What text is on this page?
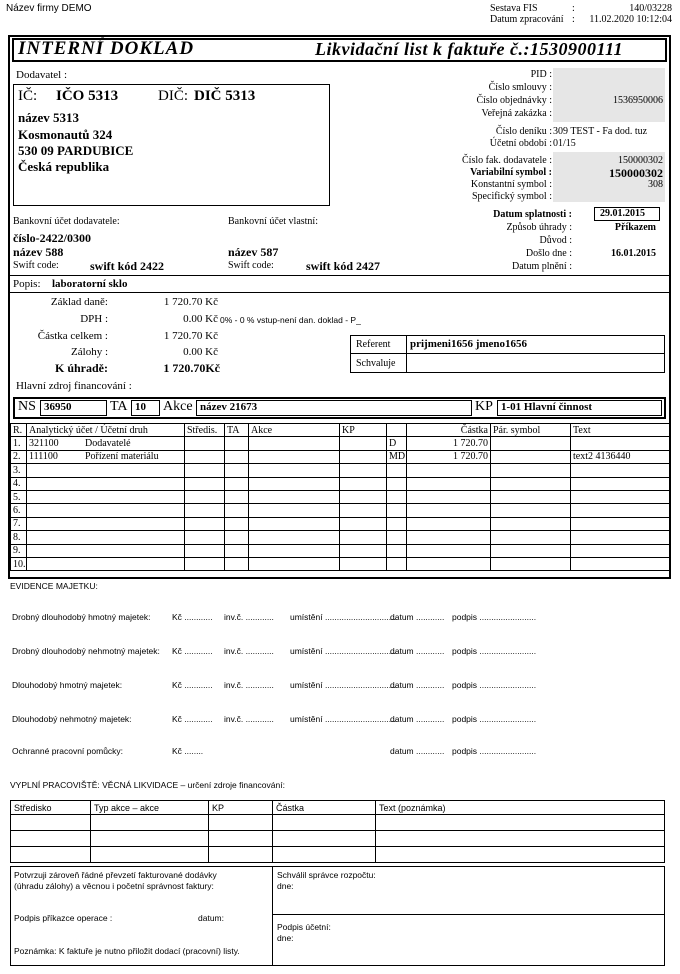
Název firmy DEMO	Sestava FIS	:	140/03228
Datum zpracování : 11.02.2020 10:12:04
INTERNÍ DOKLAD	Likvidační list k faktuře č.:1530900111
Dodavatel :
IČ: IČO 5313	DIČ: DIČ 5313
název 5313
Kosmonautů 324
530 09 PARDUBICE
Česká republika
PID :
Číslo smlouvy :
Číslo objednávky :	1536950006
Veřejná zakázka :
Číslo deníku : 309 TEST - Fa dod. tuz
Účetní období : 01/15
Číslo fak. dodavatele :	150000302
Variabilní symbol :	150000302
Konstantní symbol :	308
Specifický symbol :
Datum splatnosti :	29.01.2015
Způsob úhrady :	Příkazem
Důvod :
Došlo dne :	16.01.2015
Datum plnění :
Bankovní účet dodavatele:
číslo-2422/0300
název 588
Swift code:	swift kód 2422
Bankovní účet vlastní:
název 587
Swift code:	swift kód 2427
Popis: laboratorní sklo
Základ daně:	1 720.70 Kč
DPH :	0.00 Kč 0% - 0 % vstup-není dan. doklad - P_
Částka celkem :	1 720.70 Kč
Zálohy :	0.00 Kč
K úhradě:	1 720.70Kč
Referent prijmeni1656 jmeno1656
Schvaluje
Hlavní zdroj financování :
NS 36950	TA 10 Akce název 21673	KP 1-01 Hlavní činnost
R.	Analytický účet / Účetní druh	Středis.	TA	Akce	KP		Částka	Pár. symbol	Text
1.	321100 Dodavatelé					D	1 720.70		
2.	111100 Pořízení materiálu					MD	1 720.70		text2 4136440
3.									
4.									
5.									
6.									
7.									
8.									
9.									
10.									
EVIDENCE MAJETKU:
Drobný dlouhodobý hmotný majetek:	Kč ............ inv.č. ............ umístění ...............................
datum ............ podpis ........................
Drobný dlouhodobý nehmotný majetek: Kč ............ inv.č. ............ umístění ...............................
datum ............ podpis ........................
Dlouhodobý hmotný majetek:	Kč ............ inv.č. ............ umístění ...............................
datum ............ podpis ........................
Dlouhodobý nehmotný majetek:	Kč ............ inv.č. ............ umístění ...............................
datum ............ podpis ........................
Ochranné pracovní pomůcky:	Kč ........	datum ............ podpis ........................
VYPLNÍ PRACOVIŠTĚ: VĚCNÁ LIKVIDACE – určení zdroje financování:
Středisko	Typ akce – akce	KP	Částka	Text (poznámka)

Potvrzuji zároveň řádné převzetí fakturované dodávky
(úhradu zálohy) a věcnou i početní správnost faktury:
Podpis příkazce operace :	datum:
Poznámka: K faktuře je nutno přiložit dodací (pracovní) listy.
Schválil správce rozpočtu:
dne:
Podpis účetní:
dne:
